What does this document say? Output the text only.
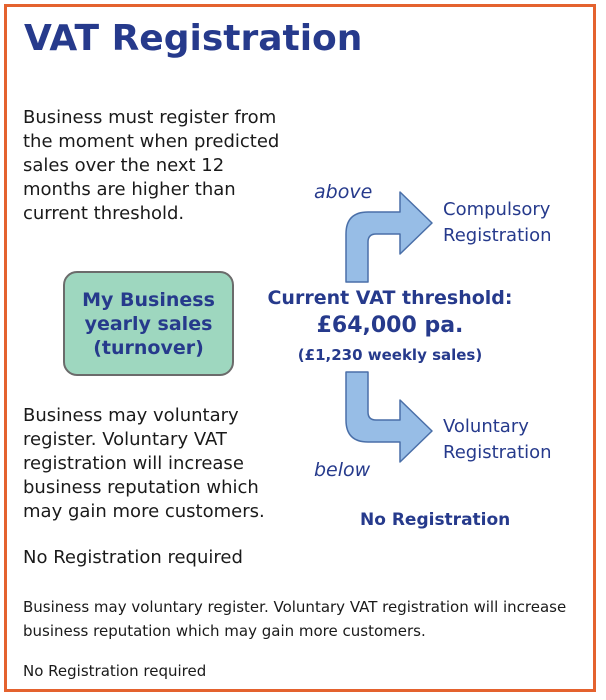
VAT Registration
Business must register from the moment when predicted sales over the next 12 months are higher than current threshold.
Business may voluntary register. Voluntary VAT registration will increase business reputation which may gain more customers.
No Registration required
Business may voluntary register. Voluntary VAT registration will increase business reputation which may gain more customers.
No Registration required
My Business
yearly sales
(turnover)
Current VAT threshold:
£64,000 pa.
(£1,230 weekly sales)
above
below
Compulsory
Registration
Voluntary
Registration
No Registration
